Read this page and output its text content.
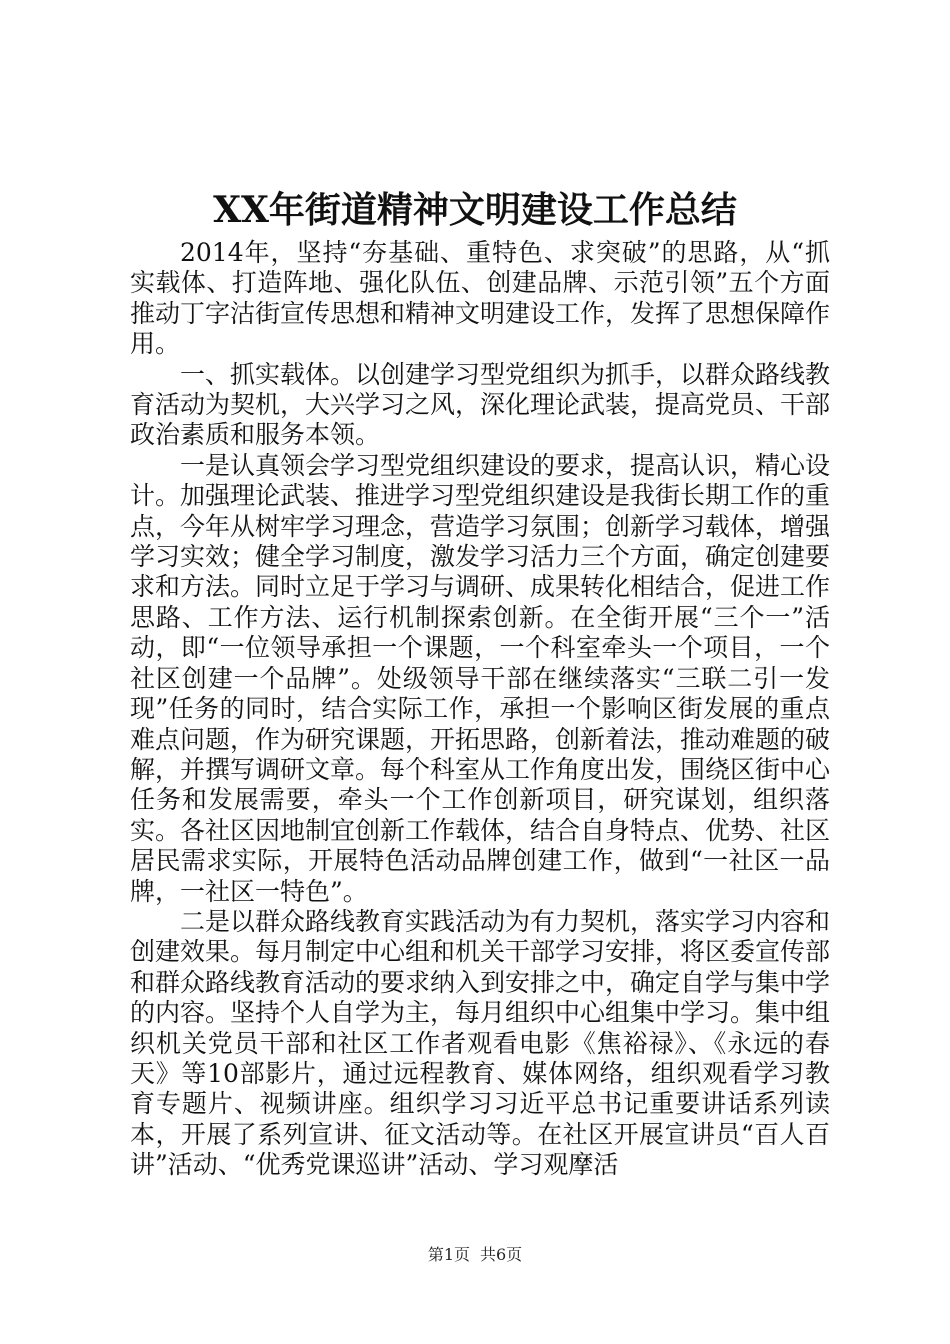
XX年街道精神文明建设工作总结

2014年，坚持“夯基础、重特色、求突破”的思路，从“抓实载体、打造阵地、强化队伍、创建品牌、示范引领”五个方面推动丁字沽街宣传思想和精神文明建设工作，发挥了思想保障作用。

一、抓实载体。以创建学习型党组织为抓手，以群众路线教育活动为契机，大兴学习之风，深化理论武装，提高党员、干部政治素质和服务本领。

一是认真领会学习型党组织建设的要求，提高认识，精心设计。加强理论武装、推进学习型党组织建设是我街长期工作的重点，今年从树牢学习理念，营造学习氛围；创新学习载体，增强学习实效；健全学习制度，激发学习活力三个方面，确定创建要求和方法。同时立足于学习与调研、成果转化相结合，促进工作思路、工作方法、运行机制探索创新。在全街开展“三个一”活动，即“一位领导承担一个课题，一个科室牵头一个项目，一个社区创建一个品牌”。处级领导干部在继续落实“三联二引一发现”任务的同时，结合实际工作，承担一个影响区街发展的重点难点问题，作为研究课题，开拓思路，创新着法，推动难题的破解，并撰写调研文章。每个科室从工作角度出发，围绕区街中心任务和发展需要，牵头一个工作创新项目，研究谋划，组织落实。各社区因地制宜创新工作载体，结合自身特点、优势、社区居民需求实际，开展特色活动品牌创建工作，做到“一社区一品牌，一社区一特色”。

二是以群众路线教育实践活动为有力契机，落实学习内容和创建效果。每月制定中心组和机关干部学习安排，将区委宣传部和群众路线教育活动的要求纳入到安排之中，确定自学与集中学的内容。坚持个人自学为主，每月组织中心组集中学习。集中组织机关党员干部和社区工作者观看电影《焦裕禄》、《永远的春天》等10部影片，通过远程教育、媒体网络，组织观看学习教育专题片、视频讲座。组织学习习近平总书记重要讲话系列读本，开展了系列宣讲、征文活动等。在社区开展宣讲员“百人百讲”活动、“优秀党课巡讲”活动、学习观摩活

第1页 共6页
